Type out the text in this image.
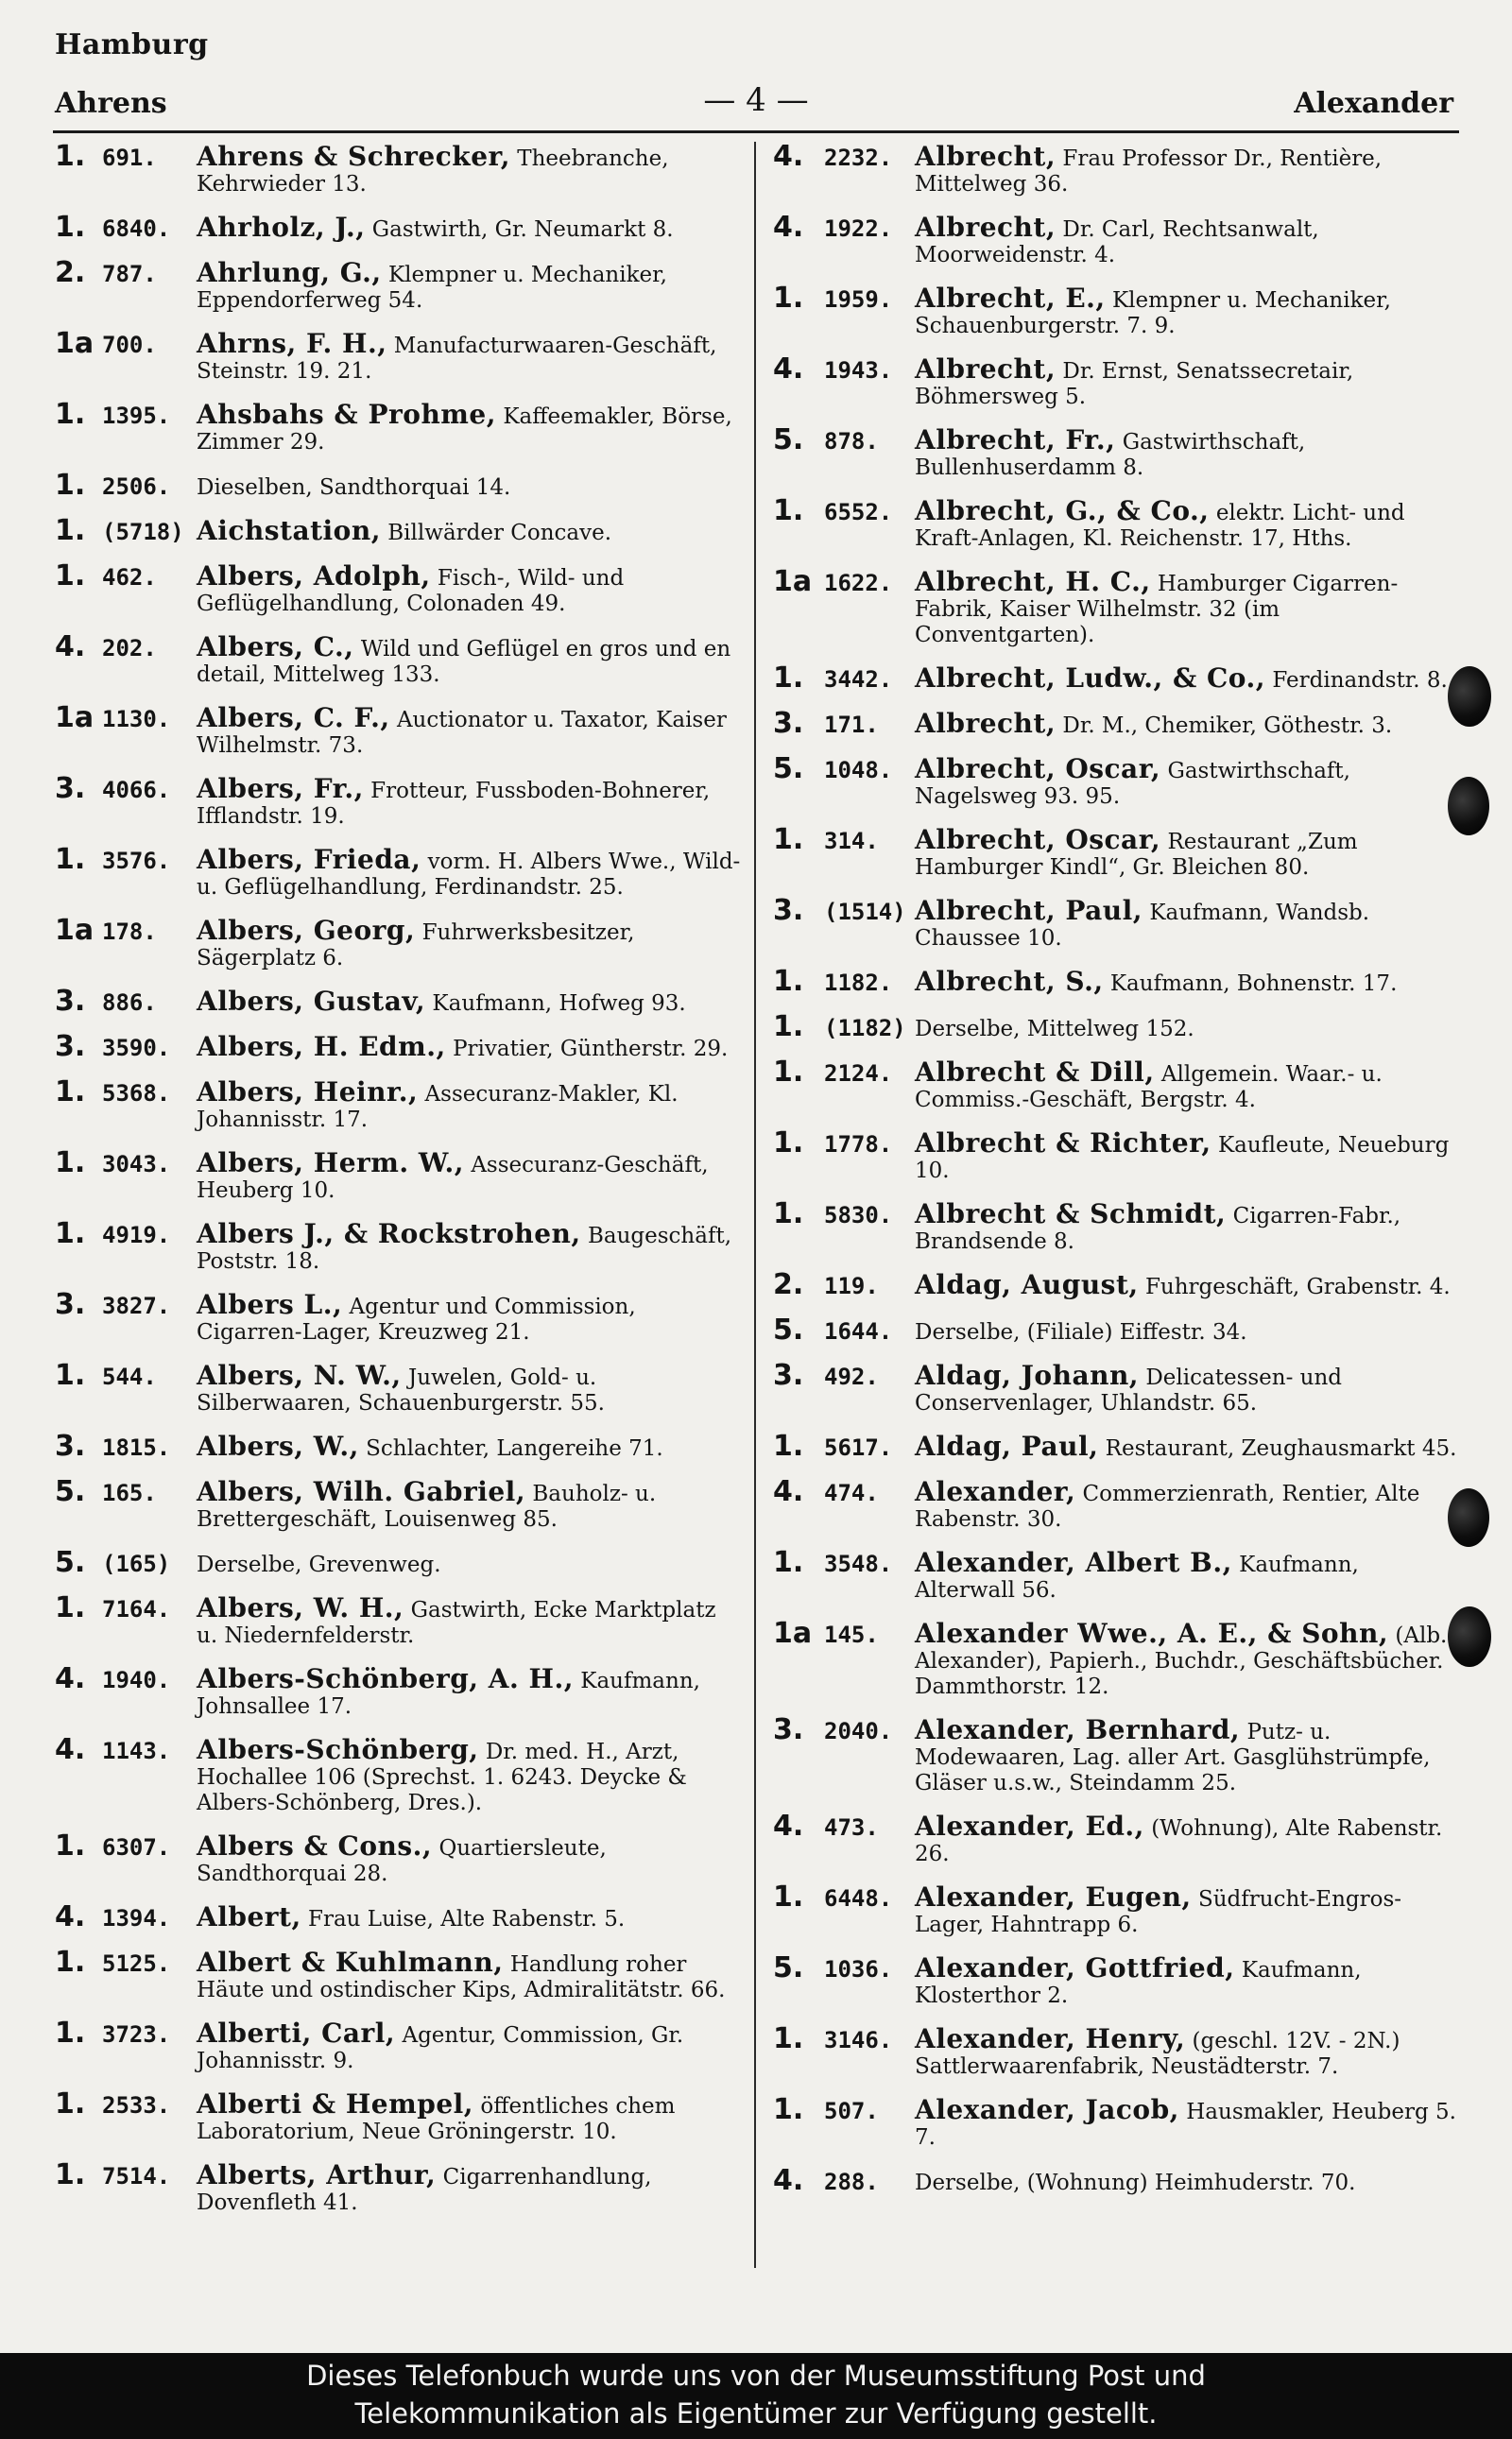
Hamburg
Ahrens	— 4 —	Alexander
1. 691. Ahrens & Schrecker, Theebranche, Kehrwieder 13.
1. 6840. Ahrholz, J., Gastwirth, Gr. Neumarkt 8.
2. 787. Ahrlung, G., Klempner u. Mechaniker, Eppendorferweg 54.
1a 700. Ahrns, F. H., Manufacturwaaren-Geschäft, Steinstr. 19. 21.
1. 1395. Ahsbahs & Prohme, Kaffeemakler, Börse, Zimmer 29.
1. 2506. Dieselben, Sandthorquai 14.
1. (5718) Aichstation, Billwärder Concave.
1. 462. Albers, Adolph, Fisch-, Wild- und Geflügelhandlung, Colonaden 49.
4. 202. Albers, C., Wild und Geflügel en gros und en detail, Mittelweg 133.
1a 1130. Albers, C. F., Auctionator u. Taxator, Kaiser Wilhelmstr. 73.
3. 4066. Albers, Fr., Frotteur, Fussboden-Bohnerer, Ifflandstr. 19.
1. 3576. Albers, Frieda, vorm. H. Albers Wwe., Wild- u. Geflügelhandlung, Ferdinandstr. 25.
1a 178. Albers, Georg, Fuhrwerksbesitzer, Sägerplatz 6.
3. 886. Albers, Gustav, Kaufmann, Hofweg 93.
3. 3590. Albers, H. Edm., Privatier, Güntherstr. 29.
1. 5368. Albers, Heinr., Assecuranz-Makler, Kl. Johannisstr. 17.
1. 3043. Albers, Herm. W., Assecuranz-Geschäft, Heuberg 10.
1. 4919. Albers J., & Rockstrohen, Baugeschäft, Poststr. 18.
3. 3827. Albers L., Agentur und Commission, Cigarren-Lager, Kreuzweg 21.
1. 544. Albers, N. W., Juwelen, Gold- u. Silberwaaren, Schauenburgerstr. 55.
3. 1815. Albers, W., Schlachter, Langereihe 71.
5. 165. Albers, Wilh. Gabriel, Bauholz- u. Brettergeschäft, Louisenweg 85.
5. (165) Derselbe, Grevenweg.
1. 7164. Albers, W. H., Gastwirth, Ecke Marktplatz u. Niedernfelderstr.
4. 1940. Albers-Schönberg, A. H., Kaufmann, Johnsallee 17.
4. 1143. Albers-Schönberg, Dr. med. H., Arzt, Hochallee 106 (Sprechst. 1. 6243. Deycke & Albers-Schönberg, Dres.).
1. 6307. Albers & Cons., Quartiersleute, Sandthorquai 28.
4. 1394. Albert, Frau Luise, Alte Rabenstr. 5.
1. 5125. Albert & Kuhlmann, Handlung roher Häute und ostindischer Kips, Admiralitätstr. 66.
1. 3723. Alberti, Carl, Agentur, Commission, Gr. Johannisstr. 9.
1. 2533. Alberti & Hempel, öffentliches chem Laboratorium, Neue Gröningerstr. 10.
1. 7514. Alberts, Arthur, Cigarrenhandlung, Dovenfleth 41.
4. 2232. Albrecht, Frau Professor Dr., Rentière, Mittelweg 36.
4. 1922. Albrecht, Dr. Carl, Rechtsanwalt, Moorweidenstr. 4.
1. 1959. Albrecht, E., Klempner u. Mechaniker, Schauenburgerstr. 7. 9.
4. 1943. Albrecht, Dr. Ernst, Senatssecretair, Böhmersweg 5.
5. 878. Albrecht, Fr., Gastwirthschaft, Bullenhuserdamm 8.
1. 6552. Albrecht, G., & Co., elektr. Licht- und Kraft-Anlagen, Kl. Reichenstr. 17, Hths.
1a 1622. Albrecht, H. C., Hamburger Cigarren-Fabrik, Kaiser Wilhelmstr. 32 (im Conventgarten).
1. 3442. Albrecht, Ludw., & Co., Ferdinandstr. 8.
3. 171. Albrecht, Dr. M., Chemiker, Göthestr. 3.
5. 1048. Albrecht, Oscar, Gastwirthschaft, Nagelsweg 93. 95.
1. 314. Albrecht, Oscar, Restaurant „Zum Hamburger Kindl“, Gr. Bleichen 80.
3. (1514) Albrecht, Paul, Kaufmann, Wandsb. Chaussee 10.
1. 1182. Albrecht, S., Kaufmann, Bohnenstr. 17.
1. (1182) Derselbe, Mittelweg 152.
1. 2124. Albrecht & Dill, Allgemein. Waar.- u. Commiss.-Geschäft, Bergstr. 4.
1. 1778. Albrecht & Richter, Kaufleute, Neueburg 10.
1. 5830. Albrecht & Schmidt, Cigarren-Fabr., Brandsende 8.
2. 119. Aldag, August, Fuhrgeschäft, Grabenstr. 4.
5. 1644. Derselbe, (Filiale) Eiffestr. 34.
3. 492. Aldag, Johann, Delicatessen- und Conservenlager, Uhlandstr. 65.
1. 5617. Aldag, Paul, Restaurant, Zeughausmarkt 45.
4. 474. Alexander, Commerzienrath, Rentier, Alte Rabenstr. 30.
1. 3548. Alexander, Albert B., Kaufmann, Alterwall 56.
1a 145. Alexander Wwe., A. E., & Sohn, (Alb. Alexander), Papierh., Buchdr., Geschäftsbücher. Dammthorstr. 12.
3. 2040. Alexander, Bernhard, Putz- u. Modewaaren, Lag. aller Art. Gasglühstrümpfe, Gläser u.s.w., Steindamm 25.
4. 473. Alexander, Ed., (Wohnung), Alte Rabenstr. 26.
1. 6448. Alexander, Eugen, Südfrucht-Engros-Lager, Hahntrapp 6.
5. 1036. Alexander, Gottfried, Kaufmann, Klosterthor 2.
1. 3146. Alexander, Henry, (geschl. 12V. - 2N.) Sattlerwaarenfabrik, Neustädterstr. 7.
1. 507. Alexander, Jacob, Hausmakler, Heuberg 5. 7.
4. 288. Derselbe, (Wohnung) Heimhuderstr. 70.
Dieses Telefonbuch wurde uns von der Museumsstiftung Post und
Telekommunikation als Eigentümer zur Verfügung gestellt.
